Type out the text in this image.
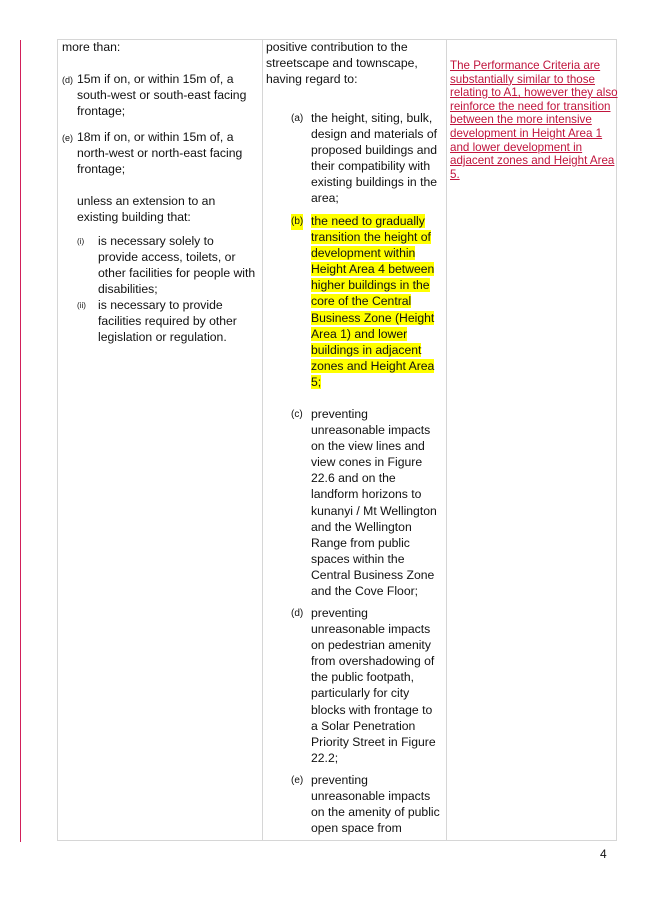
more than:

(d) 15m if on, or within 15m of, a south-west or south-east facing frontage;
(e) 18m if on, or within 15m of, a north-west or north-east facing frontage;

unless an extension to an existing building that:

(i) is necessary solely to provide access, toilets, or other facilities for people with disabilities;
(ii) is necessary to provide facilities required by other legislation or regulation.

positive contribution to the streetscape and townscape, having regard to:

(a) the height, siting, bulk, design and materials of proposed buildings and their compatibility with existing buildings in the area;
(b) the need to gradually transition the height of development within Height Area 4 between higher buildings in the core of the Central Business Zone (Height Area 1) and lower buildings in adjacent zones and Height Area 5;
(c) preventing unreasonable impacts on the view lines and view cones in Figure 22.6 and on the landform horizons to kunanyi / Mt Wellington and the Wellington Range from public spaces within the Central Business Zone and the Cove Floor;
(d) preventing unreasonable impacts on pedestrian amenity from overshadowing of the public footpath, particularly for city blocks with frontage to a Solar Penetration Priority Street in Figure 22.2;
(e) preventing unreasonable impacts on the amenity of public open space from

The Performance Criteria are substantially similar to those relating to A1, however they also reinforce the need for transition between the more intensive development in Height Area 1 and lower development in adjacent zones and Height Area 5.

4
